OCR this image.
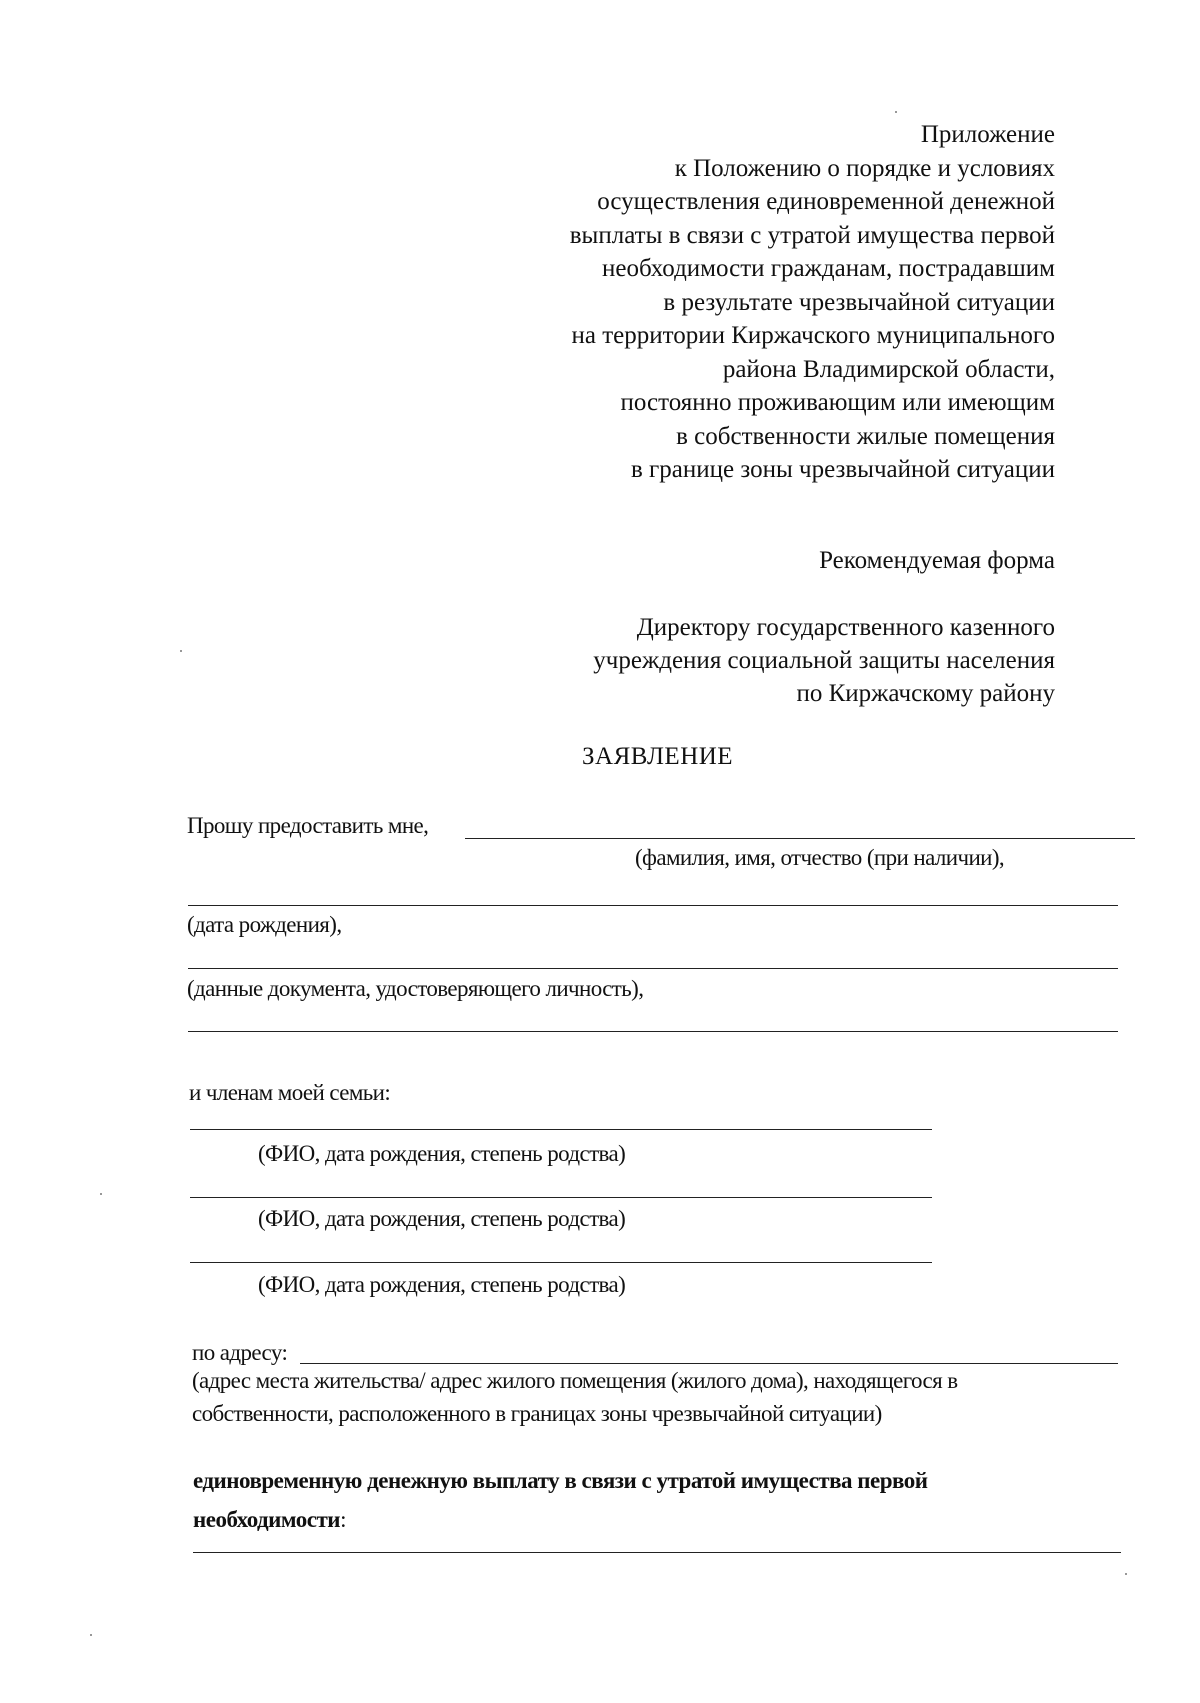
Приложение
к Положению о порядке и условиях
осуществления единовременной денежной
выплаты в связи с утратой имущества первой
необходимости гражданам, пострадавшим
в результате чрезвычайной ситуации
на территории Киржачского муниципального
района Владимирской области,
постоянно проживающим или имеющим
в собственности жилые помещения
в границе зоны чрезвычайной ситуации
Рекомендуемая форма
Директору государственного казенного
учреждения социальной защиты населения
по Киржачскому району
ЗАЯВЛЕНИЕ
Прошу предоставить мне,
(фамилия, имя, отчество (при наличии),
(дата рождения),
(данные документа, удостоверяющего личность),
и членам моей семьи:
(ФИО, дата рождения, степень родства)
(ФИО, дата рождения, степень родства)
(ФИО, дата рождения, степень родства)
по адресу:
(адрес места жительства/ адрес жилого помещения (жилого дома), находящегося в
собственности, расположенного в границах зоны чрезвычайной ситуации)
единовременную денежную выплату в связи с утратой имущества первой
необходимости:
